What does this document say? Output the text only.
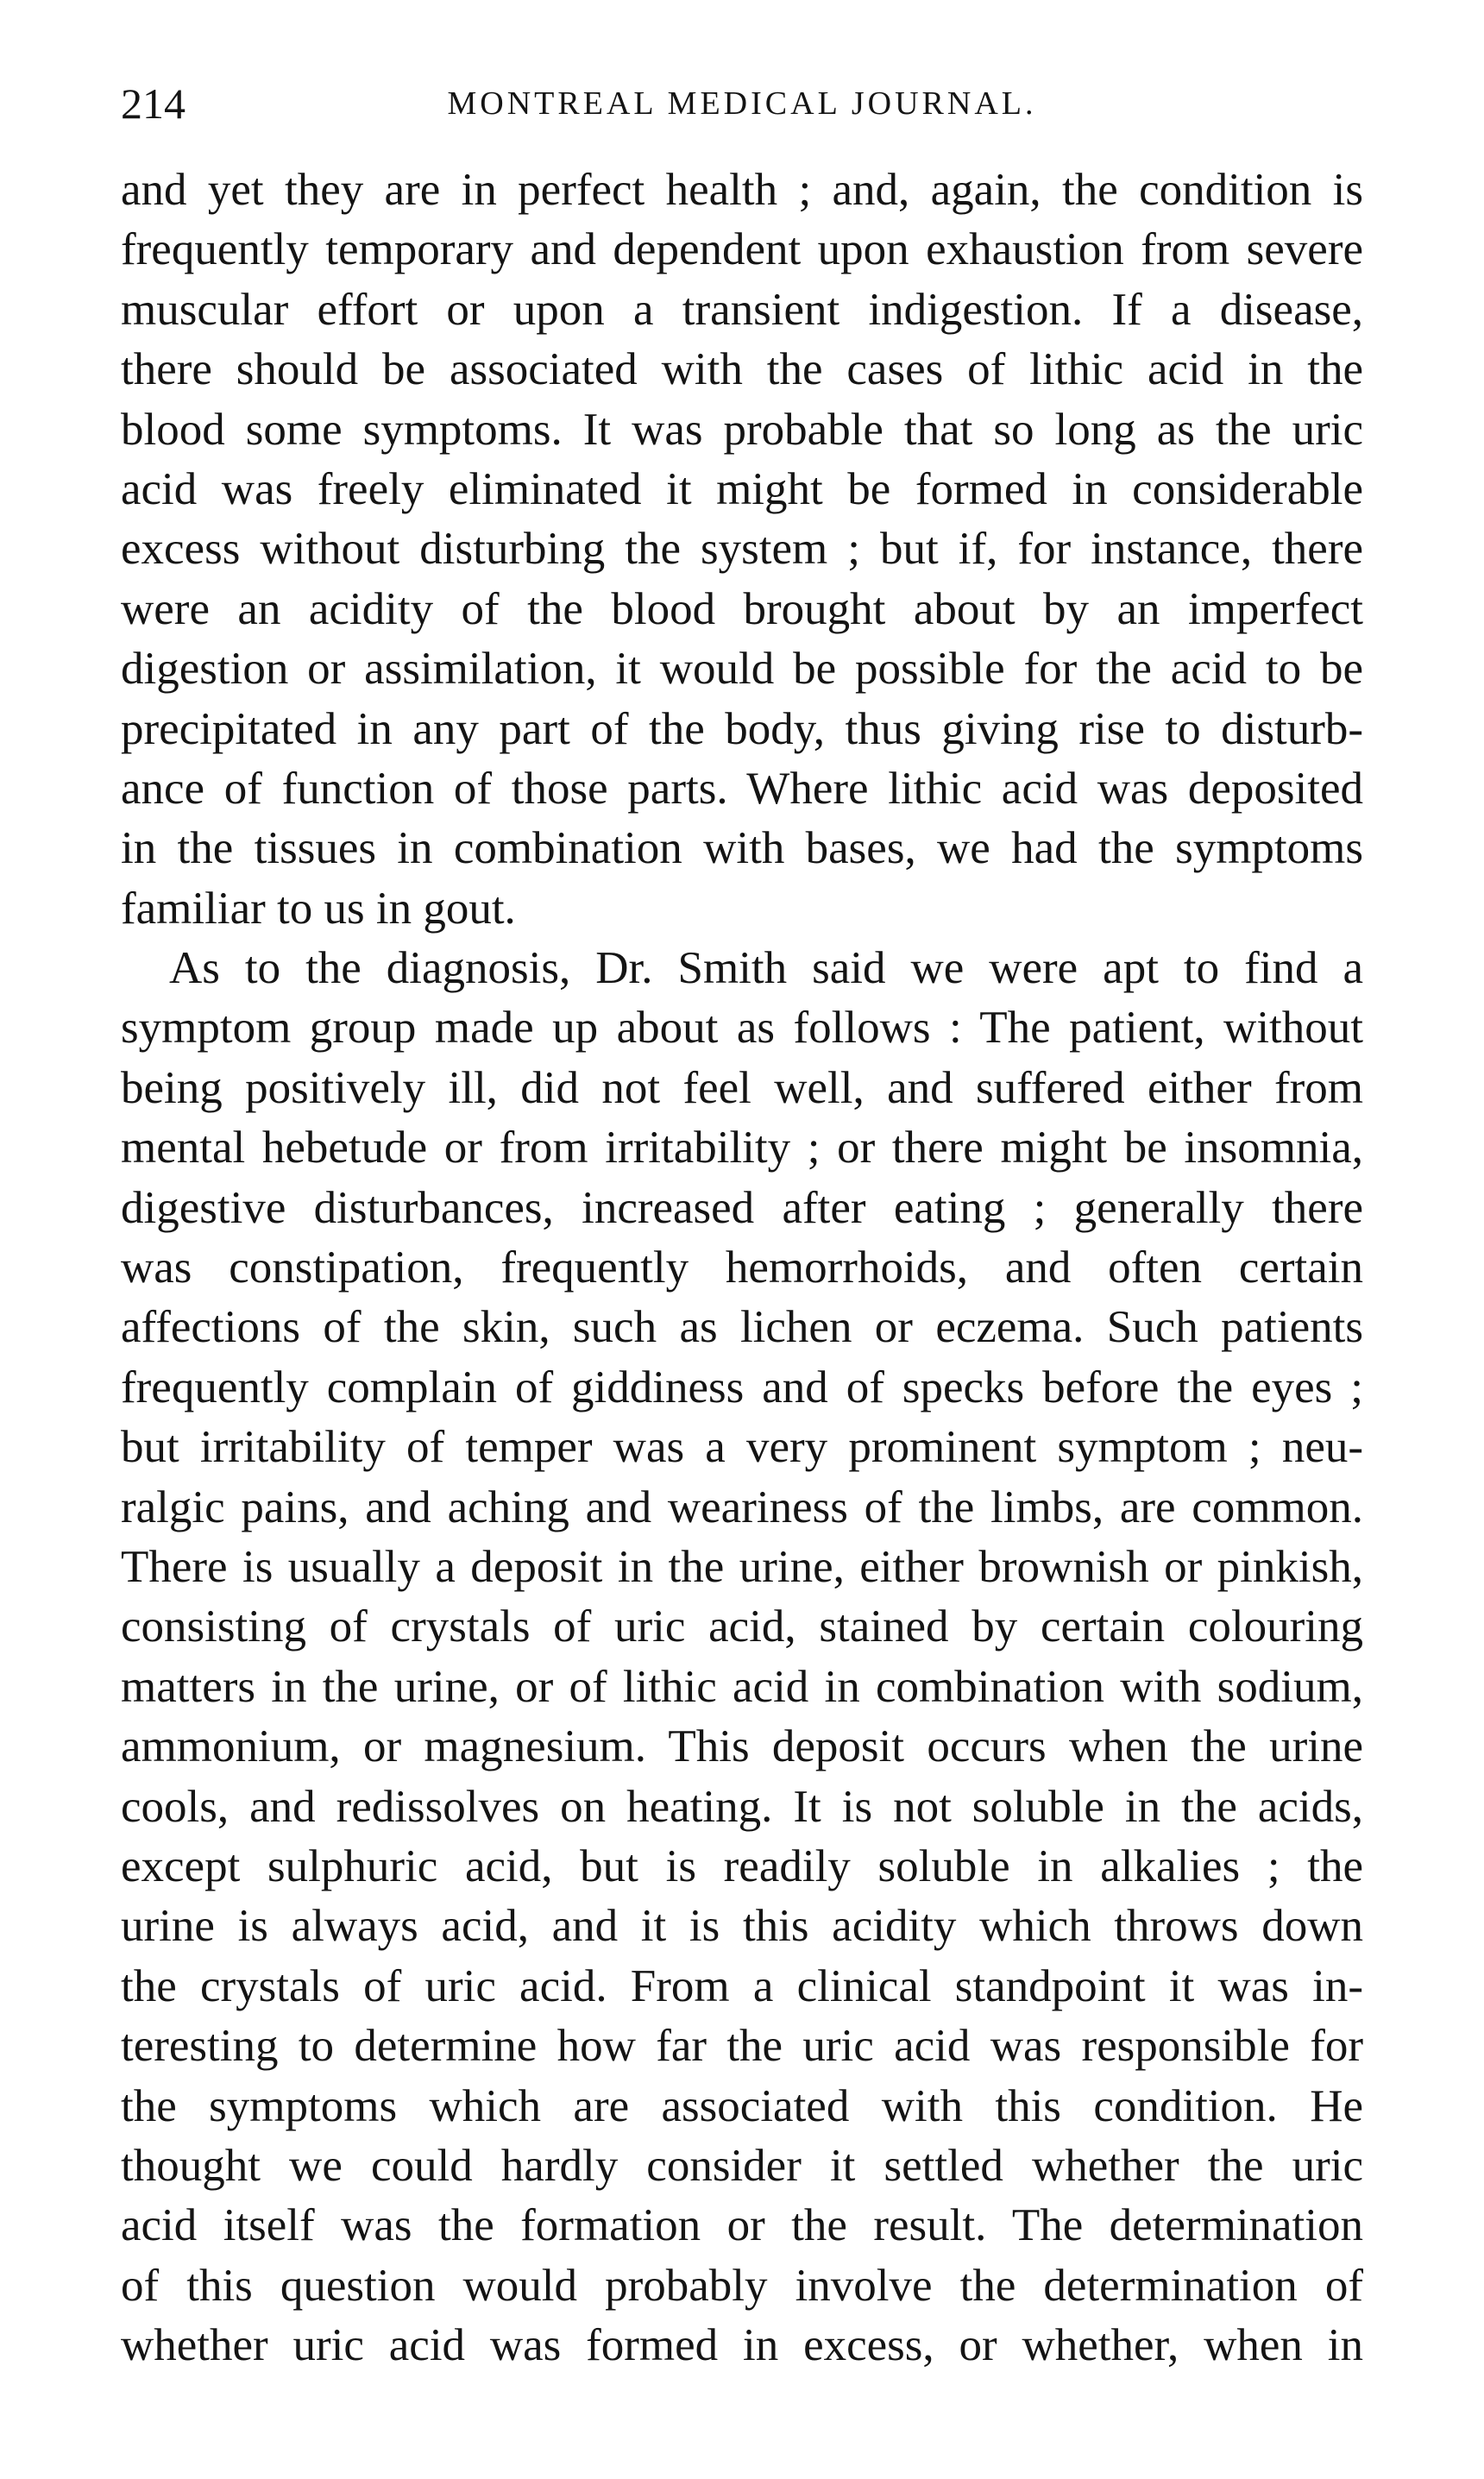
214	MONTREAL MEDICAL JOURNAL.
and yet they are in perfect health ; and, again, the condition is
frequently temporary and dependent upon exhaustion from severe
muscular effort or upon a transient indigestion. If a disease,
there should be associated with the cases of lithic acid in the
blood some symptoms. It was probable that so long as the uric
acid was freely eliminated it might be formed in considerable
excess without disturbing the system ; but if, for instance, there
were an acidity of the blood brought about by an imperfect
digestion or assimilation, it would be possible for the acid to be
precipitated in any part of the body, thus giving rise to disturb-
ance of function of those parts. Where lithic acid was deposited
in the tissues in combination with bases, we had the symptoms
familiar to us in gout.
As to the diagnosis, Dr. Smith said we were apt to find a
symptom group made up about as follows : The patient, without
being positively ill, did not feel well, and suffered either from
mental hebetude or from irritability ; or there might be insomnia,
digestive disturbances, increased after eating ; generally there
was constipation, frequently hemorrhoids, and often certain
affections of the skin, such as lichen or eczema. Such patients
frequently complain of giddiness and of specks before the eyes ;
but irritability of temper was a very prominent symptom ; neu-
ralgic pains, and aching and weariness of the limbs, are common.
There is usually a deposit in the urine, either brownish or pinkish,
consisting of crystals of uric acid, stained by certain colouring
matters in the urine, or of lithic acid in combination with sodium,
ammonium, or magnesium. This deposit occurs when the urine
cools, and redissolves on heating. It is not soluble in the acids,
except sulphuric acid, but is readily soluble in alkalies ; the
urine is always acid, and it is this acidity which throws down
the crystals of uric acid. From a clinical standpoint it was in-
teresting to determine how far the uric acid was responsible for
the symptoms which are associated with this condition. He
thought we could hardly consider it settled whether the uric
acid itself was the formation or the result. The determination
of this question would probably involve the determination of
whether uric acid was formed in excess, or whether, when in
